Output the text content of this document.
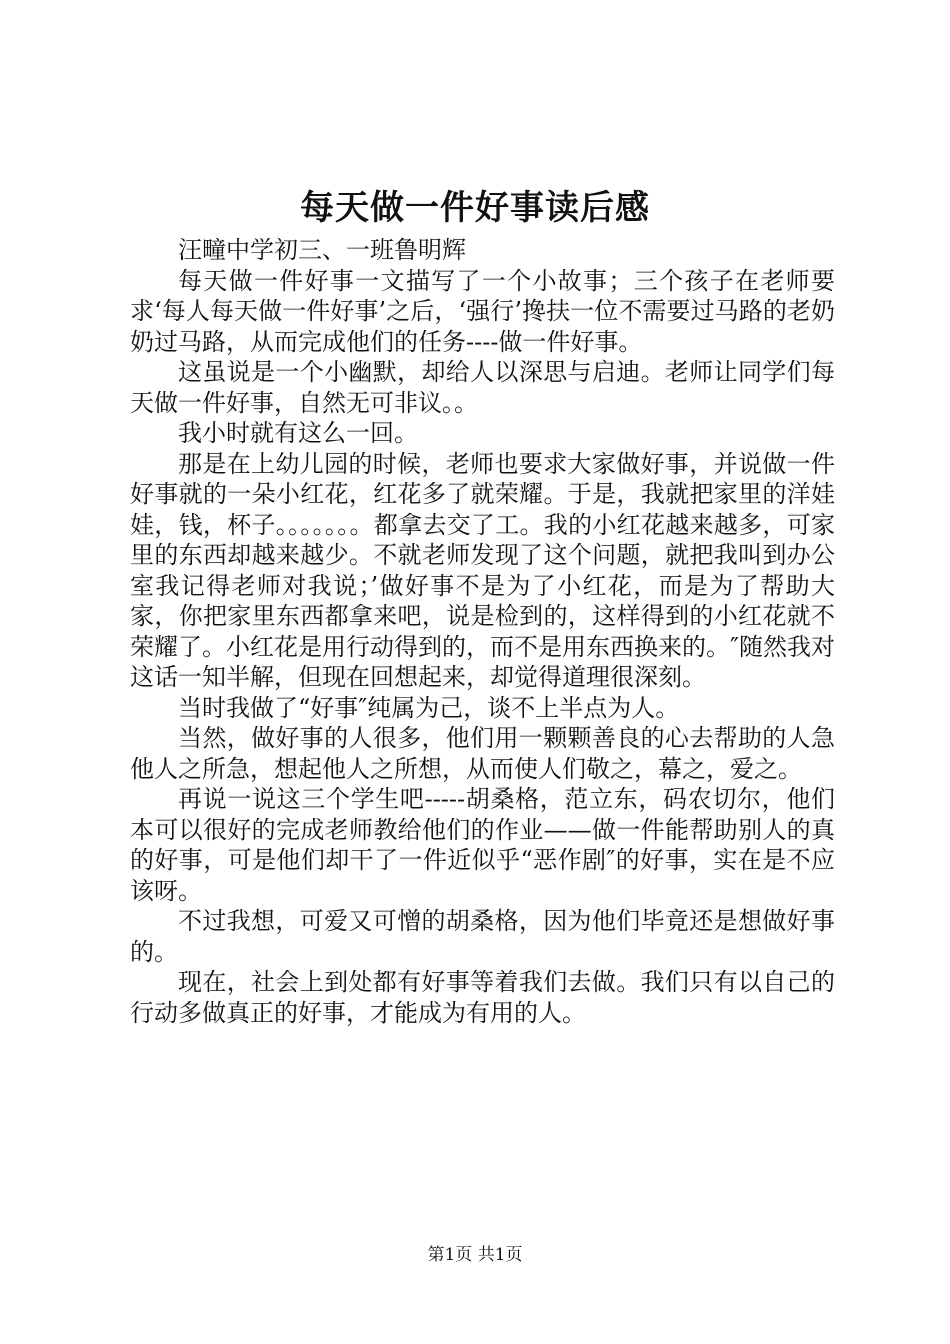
每天做一件好事读后感

汪疃中学初三、一班鲁明辉

每天做一件好事一文描写了一个小故事；三个孩子在老师要求‘每人每天做一件好事’之后，‘强行’搀扶一位不需要过马路的老奶奶过马路，从而完成他们的任务----做一件好事。

这虽说是一个小幽默，却给人以深思与启迪。老师让同学们每天做一件好事，自然无可非议。。

我小时就有这么一回。

那是在上幼儿园的时候，老师也要求大家做好事，并说做一件好事就的一朵小红花，红花多了就荣耀。于是，我就把家里的洋娃娃，钱，杯子。。。。。。。都拿去交了工。我的小红花越来越多，可家里的东西却越来越少。不就老师发现了这个问题，就把我叫到办公室我记得老师对我说；’做好事不是为了小红花，而是为了帮助大家，你把家里东西都拿来吧，说是检到的，这样得到的小红花就不荣耀了。小红花是用行动得到的，而不是用东西换来的。″随然我对这话一知半解，但现在回想起来，却觉得道理很深刻。

当时我做了“好事″纯属为己，谈不上半点为人。

当然，做好事的人很多，他们用一颗颗善良的心去帮助的人急他人之所急，想起他人之所想，从而使人们敬之，幕之，爱之。

再说一说这三个学生吧-----胡桑格，范立东，码农切尔，他们本可以很好的完成老师教给他们的作业——做一件能帮助别人的真的好事，可是他们却干了一件近似乎“恶作剧″的好事，实在是不应该呀。

不过我想，可爱又可憎的胡桑格，因为他们毕竟还是想做好事的。

现在，社会上到处都有好事等着我们去做。我们只有以自己的行动多做真正的好事，才能成为有用的人。

第1页 共1页
